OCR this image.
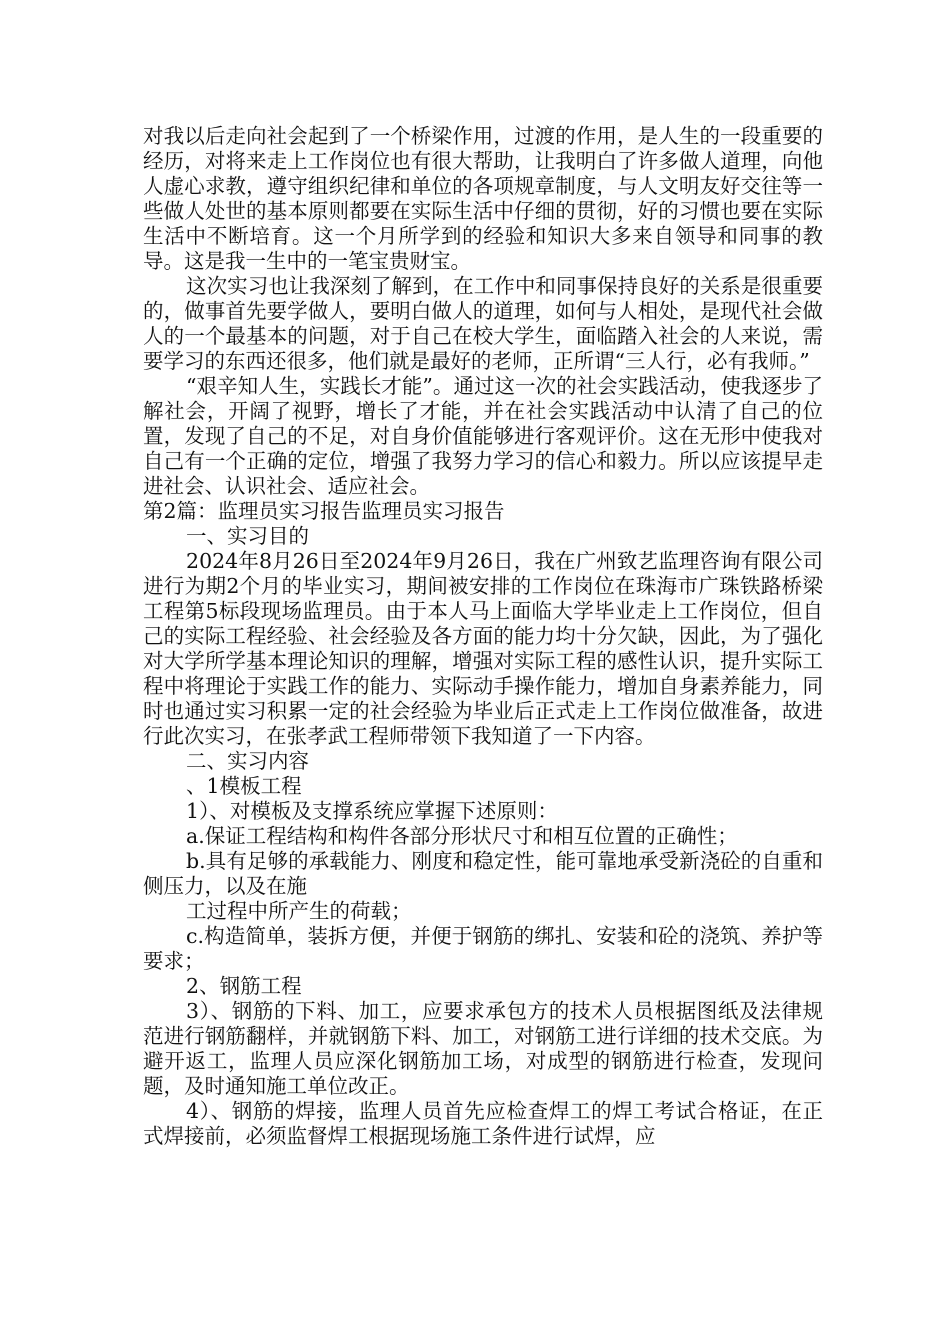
对我以后走向社会起到了一个桥梁作用，过渡的作用，是人生的一段重要的经历，对将来走上工作岗位也有很大帮助，让我明白了许多做人道理，向他人虚心求教，遵守组织纪律和单位的各项规章制度，与人文明友好交往等一些做人处世的基本原则都要在实际生活中仔细的贯彻，好的习惯也要在实际生活中不断培育。这一个月所学到的经验和知识大多来自领导和同事的教导。这是我一生中的一笔宝贵财宝。

这次实习也让我深刻了解到，在工作中和同事保持良好的关系是很重要的，做事首先要学做人，要明白做人的道理，如何与人相处，是现代社会做人的一个最基本的问题，对于自己在校大学生，面临踏入社会的人来说，需要学习的东西还很多，他们就是最好的老师，正所谓“三人行，必有我师。”

“艰辛知人生，实践长才能”。通过这一次的社会实践活动，使我逐步了解社会，开阔了视野，增长了才能，并在社会实践活动中认清了自己的位置，发现了自己的不足，对自身价值能够进行客观评价。这在无形中使我对自己有一个正确的定位，增强了我努力学习的信心和毅力。所以应该提早走进社会、认识社会、适应社会。

第2篇：监理员实习报告监理员实习报告

一、实习目的

2024年8月26日至2024年9月26日，我在广州致艺监理咨询有限公司进行为期2个月的毕业实习，期间被安排的工作岗位在珠海市广珠铁路桥梁工程第5标段现场监理员。由于本人马上面临大学毕业走上工作岗位，但自己的实际工程经验、社会经验及各方面的能力均十分欠缺，因此，为了强化对大学所学基本理论知识的理解，增强对实际工程的感性认识，提升实际工程中将理论于实践工作的能力、实际动手操作能力，增加自身素养能力，同时也通过实习积累一定的社会经验为毕业后正式走上工作岗位做准备，故进行此次实习，在张孝武工程师带领下我知道了一下内容。

二、实习内容

、1模板工程

1）、对模板及支撑系统应掌握下述原则：

a.保证工程结构和构件各部分形状尺寸和相互位置的正确性；

b.具有足够的承载能力、刚度和稳定性，能可靠地承受新浇砼的自重和侧压力，以及在施

工过程中所产生的荷载；

c.构造简单，装拆方便，并便于钢筋的绑扎、安装和砼的浇筑、养护等要求；

2、钢筋工程

3）、钢筋的下料、加工，应要求承包方的技术人员根据图纸及法律规范进行钢筋翻样，并就钢筋下料、加工，对钢筋工进行详细的技术交底。为避开返工，监理人员应深化钢筋加工场，对成型的钢筋进行检查，发现问题，及时通知施工单位改正。

4）、钢筋的焊接，监理人员首先应检查焊工的焊工考试合格证，在正式焊接前，必须监督焊工根据现场施工条件进行试焊，应
